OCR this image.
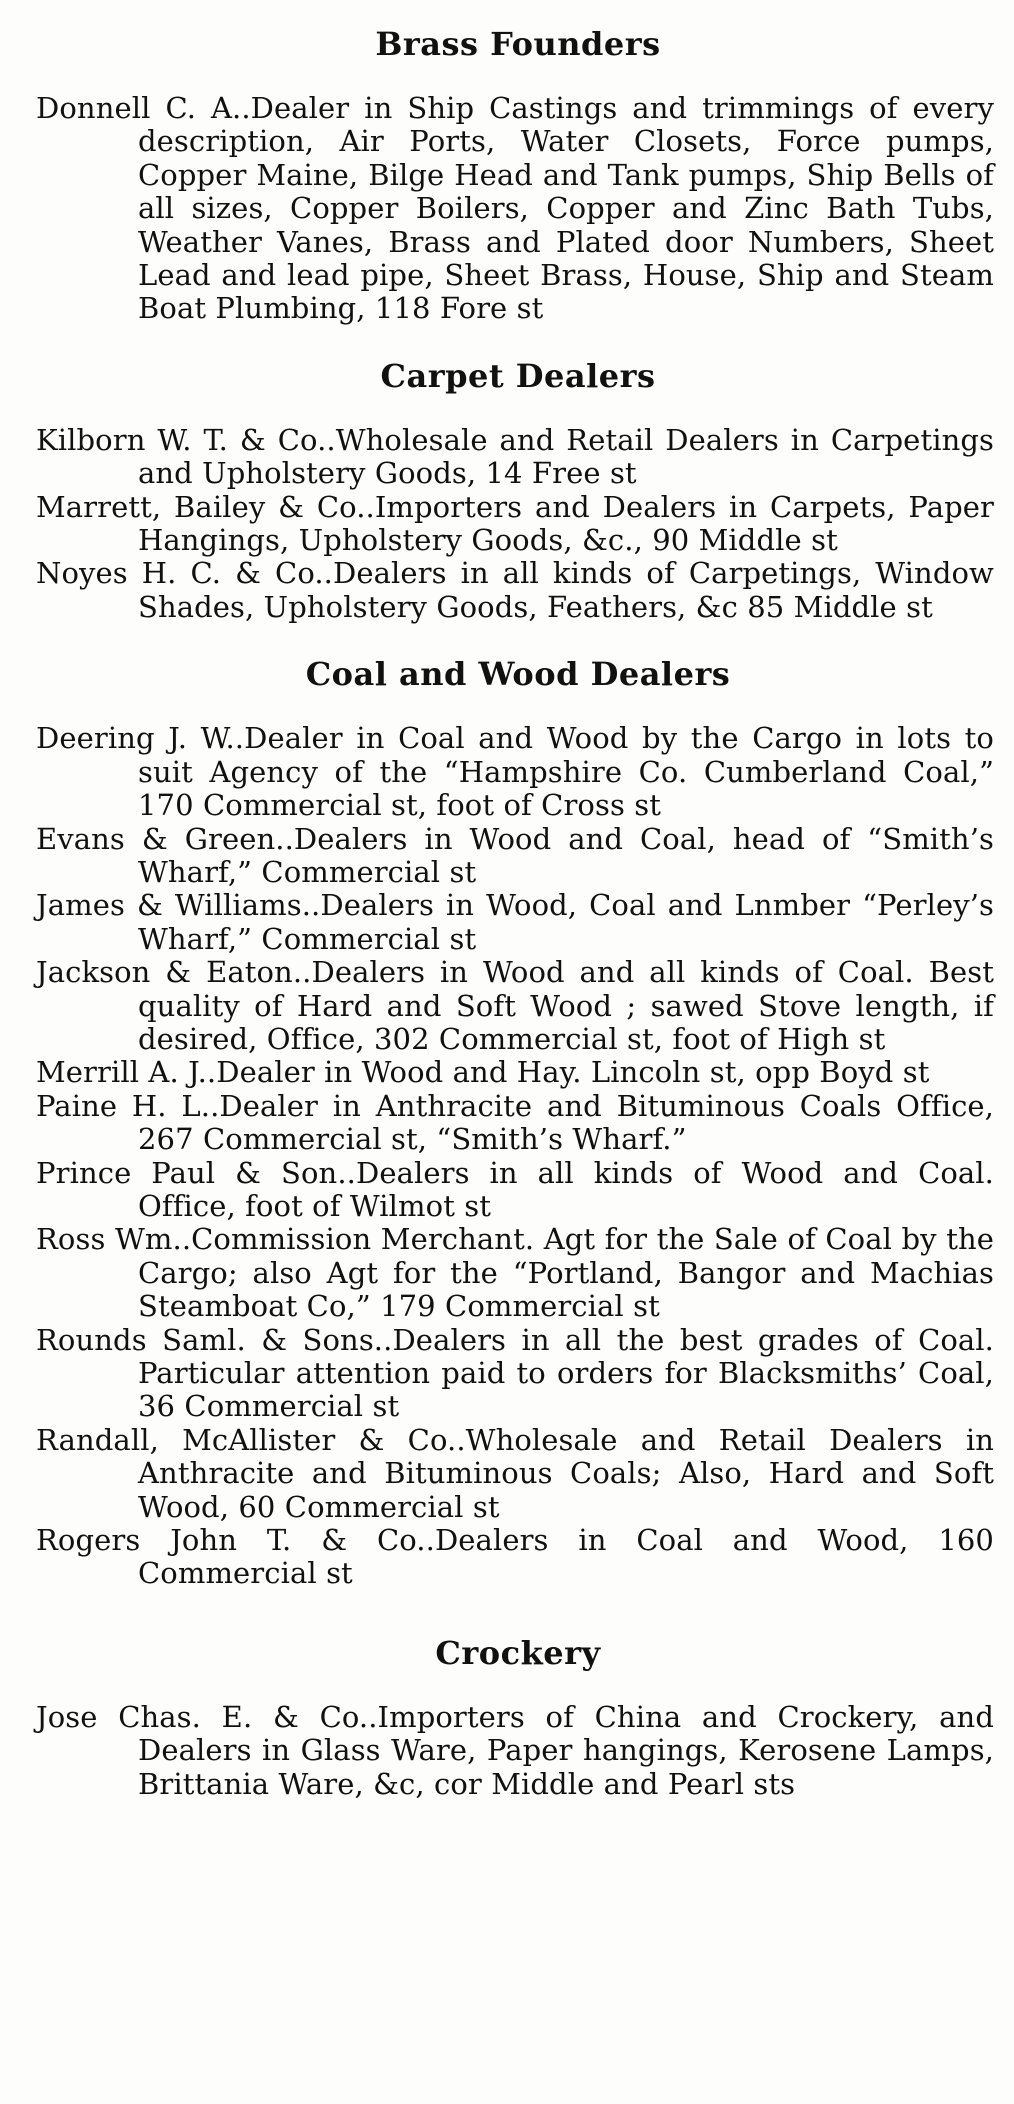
Brass Founders

Donnell C. A..Dealer in Ship Castings and trimmings of every description, Air Ports, Water Closets, Force pumps, Copper Maine, Bilge Head and Tank pumps, Ship Bells of all sizes, Copper Boilers, Copper and Zinc Bath Tubs, Weather Vanes, Brass and Plated door Numbers, Sheet Lead and lead pipe, Sheet Brass, House, Ship and Steam Boat Plumbing, 118 Fore st

Carpet Dealers

Kilborn W. T. & Co..Wholesale and Retail Dealers in Carpetings and Upholstery Goods, 14 Free st

Marrett, Bailey & Co..Importers and Dealers in Carpets, Paper Hangings, Upholstery Goods, &c., 90 Middle st

Noyes H. C. & Co..Dealers in all kinds of Carpetings, Window Shades, Upholstery Goods, Feathers, &c 85 Middle st

Coal and Wood Dealers

Deering J. W..Dealer in Coal and Wood by the Cargo in lots to suit Agency of the “Hampshire Co. Cumberland Coal,” 170 Commercial st, foot of Cross st

Evans & Green..Dealers in Wood and Coal, head of “Smith’s Wharf,” Commercial st

James & Williams..Dealers in Wood, Coal and Lnmber “Perley’s Wharf,” Commercial st

Jackson & Eaton..Dealers in Wood and all kinds of Coal. Best quality of Hard and Soft Wood ; sawed Stove length, if desired, Office, 302 Commercial st, foot of High st

Merrill A. J..Dealer in Wood and Hay. Lincoln st, opp Boyd st

Paine H. L..Dealer in Anthracite and Bituminous Coals Office, 267 Commercial st, “Smith’s Wharf.”

Prince Paul & Son..Dealers in all kinds of Wood and Coal. Office, foot of Wilmot st

Ross Wm..Commission Merchant. Agt for the Sale of Coal by the Cargo; also Agt for the “Portland, Bangor and Machias Steamboat Co,” 179 Commercial st

Rounds Saml. & Sons..Dealers in all the best grades of Coal. Particular attention paid to orders for Blacksmiths’ Coal, 36 Commercial st

Randall, McAllister & Co..Wholesale and Retail Dealers in Anthracite and Bituminous Coals; Also, Hard and Soft Wood, 60 Commercial st

Rogers John T. & Co..Dealers in Coal and Wood, 160 Commercial st

Crockery

Jose Chas. E. & Co..Importers of China and Crockery, and Dealers in Glass Ware, Paper hangings, Kerosene Lamps, Brittania Ware, &c, cor Middle and Pearl sts
